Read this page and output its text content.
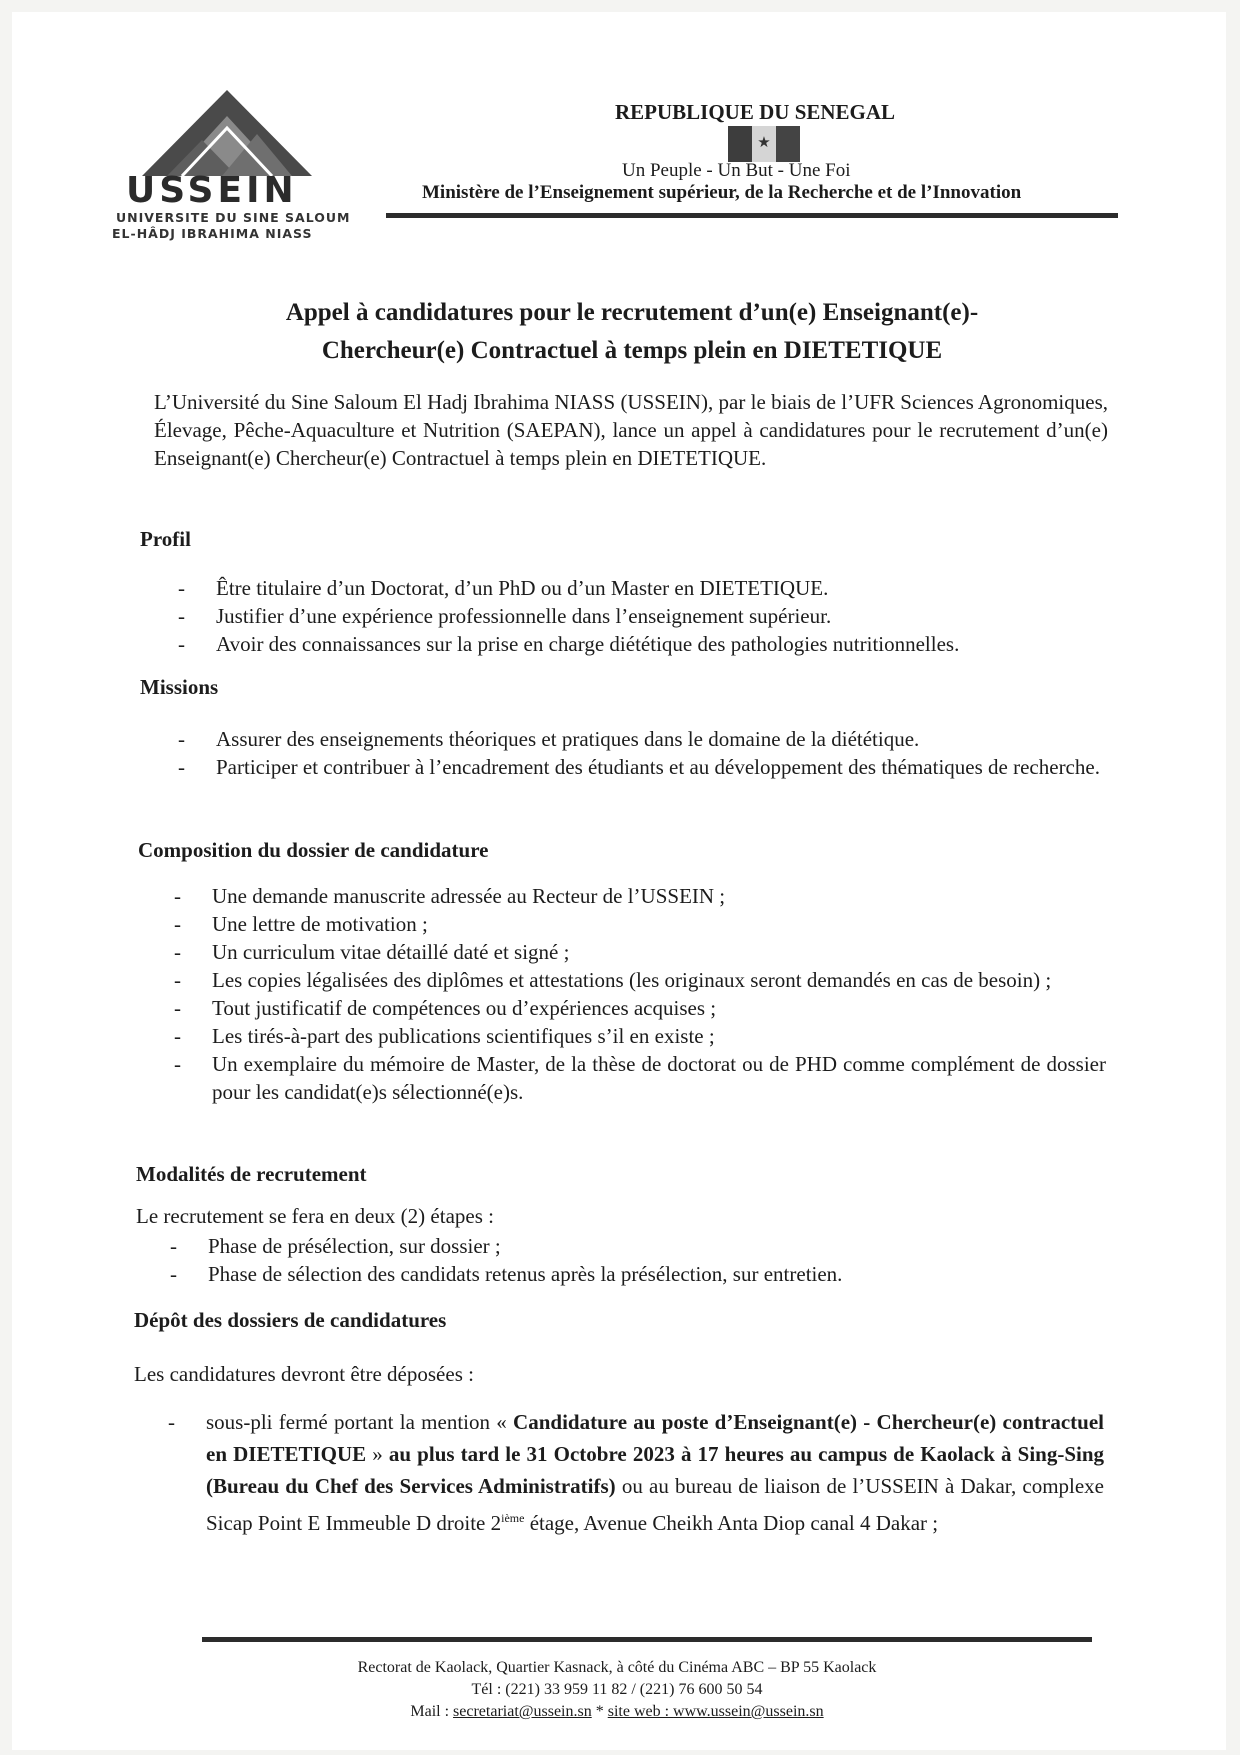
USSEIN
UNIVERSITE DU SINE SALOUM
EL-HÂDJ IBRAHIMA NIASS
REPUBLIQUE DU SENEGAL
★
Un Peuple - Un But - Une Foi
Ministère de l’Enseignement supérieur, de la Recherche et de l’Innovation
Appel à candidatures pour le recrutement d’un(e) Enseignant(e)-
Chercheur(e) Contractuel à temps plein en DIETETIQUE

L’Université du Sine Saloum El Hadj Ibrahima NIASS (USSEIN), par le biais de l’UFR Sciences Agronomiques, Élevage, Pêche-Aquaculture et Nutrition (SAEPAN), lance un appel à candidatures pour le recrutement d’un(e) Enseignant(e) Chercheur(e) Contractuel à temps plein en DIETETIQUE.

Profil

- Être titulaire d’un Doctorat, d’un PhD ou d’un Master en DIETETIQUE.
- Justifier d’une expérience professionnelle dans l’enseignement supérieur.
- Avoir des connaissances sur la prise en charge diététique des pathologies nutritionnelles.

Missions

- Assurer des enseignements théoriques et pratiques dans le domaine de la diététique.
- Participer et contribuer à l’encadrement des étudiants et au développement des thématiques de recherche.

Composition du dossier de candidature

- Une demande manuscrite adressée au Recteur de l’USSEIN ;
- Une lettre de motivation ;
- Un curriculum vitae détaillé daté et signé ;
- Les copies légalisées des diplômes et attestations (les originaux seront demandés en cas de besoin) ;
- Tout justificatif de compétences ou d’expériences acquises ;
- Les tirés-à-part des publications scientifiques s’il en existe ;
- Un exemplaire du mémoire de Master, de la thèse de doctorat ou de PHD comme complément de dossier pour les candidat(e)s sélectionné(e)s.

Modalités de recrutement

Le recrutement se fera en deux (2) étapes :

- Phase de présélection, sur dossier ;
- Phase de sélection des candidats retenus après la présélection, sur entretien.

Dépôt des dossiers de candidatures

Les candidatures devront être déposées :

- sous-pli fermé portant la mention « Candidature au poste d’Enseignant(e) - Chercheur(e) contractuel en DIETETIQUE » au plus tard le 31 Octobre 2023 à 17 heures au campus de Kaolack à Sing-Sing (Bureau du Chef des Services Administratifs) ou au bureau de liaison de l’USSEIN à Dakar, complexe Sicap Point E Immeuble D droite 2ième étage, Avenue Cheikh Anta Diop canal 4 Dakar ;
Rectorat de Kaolack, Quartier Kasnack, à côté du Cinéma ABC – BP 55 Kaolack
Tél : (221) 33 959 11 82 / (221) 76 600 50 54
Mail : secretariat@ussein.sn * site web : www.ussein@ussein.sn
